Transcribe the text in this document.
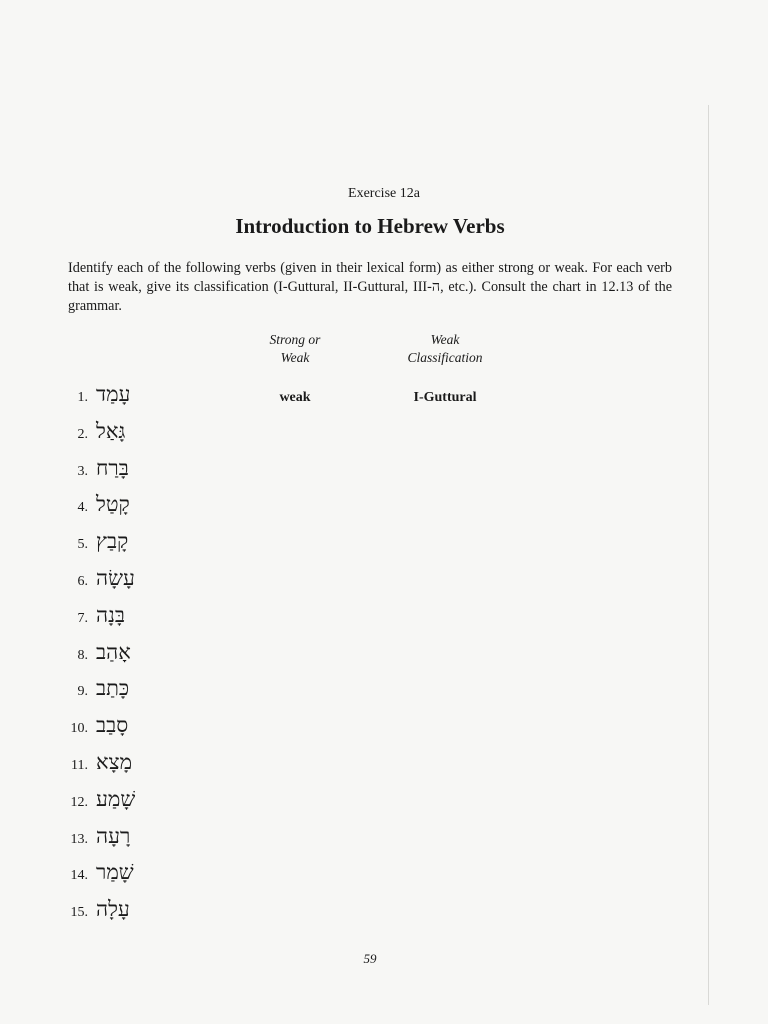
Exercise 12a
Introduction to Hebrew Verbs
Identify each of the following verbs (given in their lexical form) as either strong or weak. For each verb that is weak, give its classification (I-Guttural, II-Guttural, III-ה, etc.). Consult the chart in 12.13 of the grammar.
Strong or
Weak
Weak
Classification
1. עָמַד	weak	I-Guttural
2. גָּאַל
3. בָּרַח
4. קָטַל
5. קָבַץ
6. עָשָׂה
7. בָּנָה
8. אָהַב
9. כָּתַב
10. סָבַב
11. מָצָא
12. שָׁמַע
13. רָעָה
14. שָׁמַר
15. עָלָה
59
